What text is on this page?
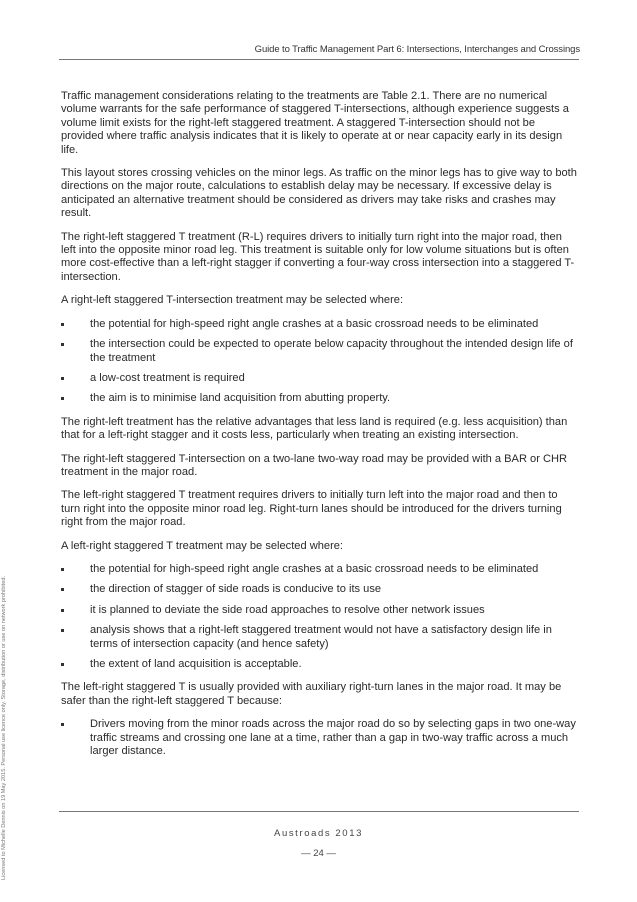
Guide to Traffic Management Part 6: Intersections, Interchanges and Crossings
Licensed to Michelle Dennis on 19 May 2015. Personal use licence only. Storage, distribution or use on network prohibited.

Traffic management considerations relating to the treatments are Table 2.1. There are no numerical volume warrants for the safe performance of staggered T-intersections, although experience suggests a volume limit exists for the right-left staggered treatment. A staggered T-intersection should not be provided where traffic analysis indicates that it is likely to operate at or near capacity early in its design life.

This layout stores crossing vehicles on the minor legs. As traffic on the minor legs has to give way to both directions on the major route, calculations to establish delay may be necessary. If excessive delay is anticipated an alternative treatment should be considered as drivers may take risks and crashes may result.

The right-left staggered T treatment (R-L) requires drivers to initially turn right into the major road, then left into the opposite minor road leg. This treatment is suitable only for low volume situations but is often more cost-effective than a left-right stagger if converting a four-way cross intersection into a staggered T-intersection.

A right-left staggered T-intersection treatment may be selected where:

the potential for high-speed right angle crashes at a basic crossroad needs to be eliminated
the intersection could be expected to operate below capacity throughout the intended design life of the treatment
a low-cost treatment is required
the aim is to minimise land acquisition from abutting property.

The right-left treatment has the relative advantages that less land is required (e.g. less acquisition) than that for a left-right stagger and it costs less, particularly when treating an existing intersection.

The right-left staggered T-intersection on a two-lane two-way road may be provided with a BAR or CHR treatment in the major road.

The left-right staggered T treatment requires drivers to initially turn left into the major road and then to turn right into the opposite minor road leg. Right-turn lanes should be introduced for the drivers turning right from the major road.

A left-right staggered T treatment may be selected where:

the potential for high-speed right angle crashes at a basic crossroad needs to be eliminated
the direction of stagger of side roads is conducive to its use
it is planned to deviate the side road approaches to resolve other network issues
analysis shows that a right-left staggered treatment would not have a satisfactory design life in terms of intersection capacity (and hence safety)
the extent of land acquisition is acceptable.

The left-right staggered T is usually provided with auxiliary right-turn lanes in the major road. It may be safer than the right-left staggered T because:

Drivers moving from the minor roads across the major road do so by selecting gaps in two one-way traffic streams and crossing one lane at a time, rather than a gap in two-way traffic across a much larger distance.
Austroads 2013
— 24 —
